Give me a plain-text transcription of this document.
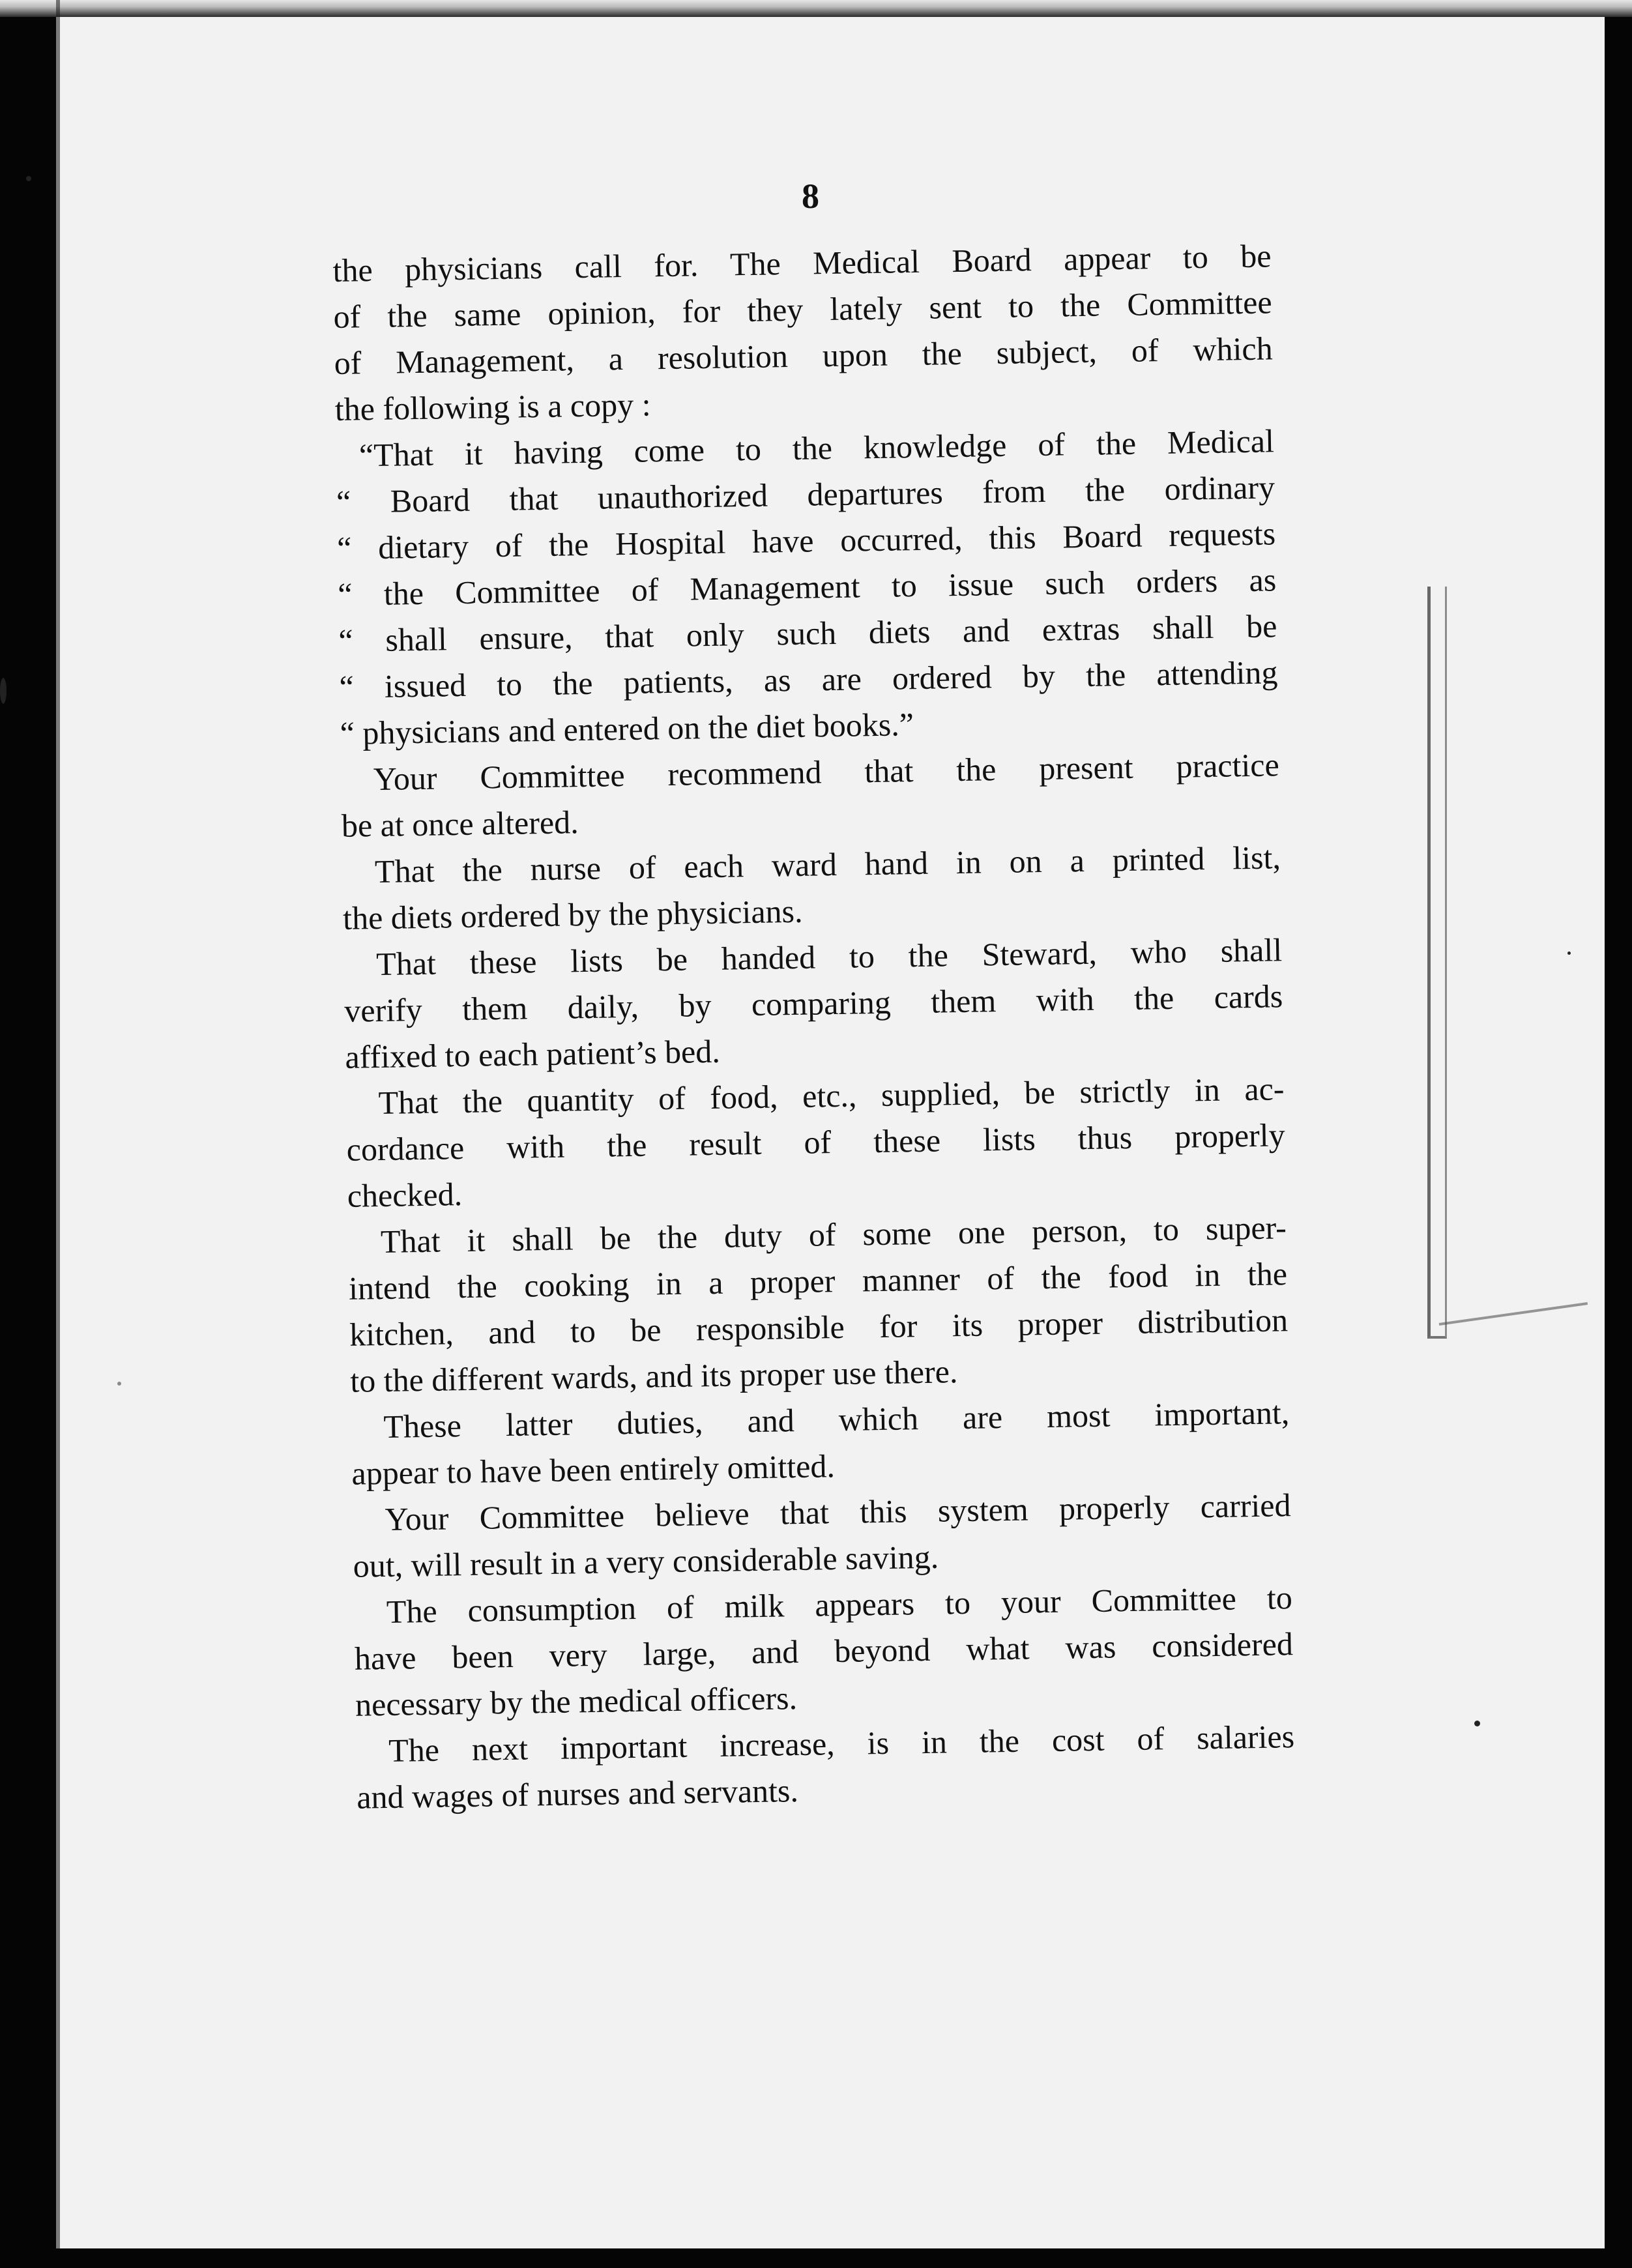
8
the physicians call for. The Medical Board appear to be
of the same opinion, for they lately sent to the Committee
of Management, a resolution upon the subject, of which
the following is a copy :
“That it having come to the knowledge of the Medical
“ Board that unauthorized departures from the ordinary
“ dietary of the Hospital have occurred, this Board requests
“ the Committee of Management to issue such orders as
“ shall ensure, that only such diets and extras shall be
“ issued to the patients, as are ordered by the attending
“ physicians and entered on the diet books.”
Your Committee recommend that the present practice
be at once altered.
That the nurse of each ward hand in on a printed list,
the diets ordered by the physicians.
That these lists be handed to the Steward, who shall
verify them daily, by comparing them with the cards
affixed to each patient’s bed.
That the quantity of food, etc., supplied, be strictly in ac-
cordance with the result of these lists thus properly
checked.
That it shall be the duty of some one person, to super-
intend the cooking in a proper manner of the food in the
kitchen, and to be responsible for its proper distribution
to the different wards, and its proper use there.
These latter duties, and which are most important,
appear to have been entirely omitted.
Your Committee believe that this system properly carried
out, will result in a very considerable saving.
The consumption of milk appears to your Committee to
have been very large, and beyond what was considered
necessary by the medical officers.
The next important increase, is in the cost of salaries
and wages of nurses and servants.
